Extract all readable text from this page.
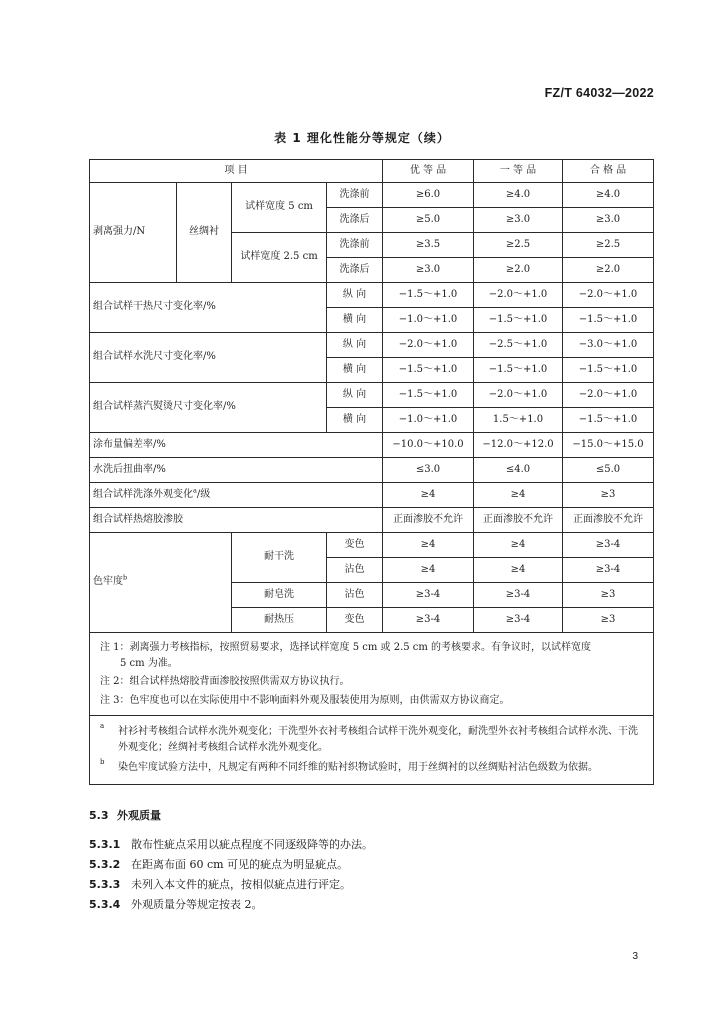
FZ/T 64032—2022
表 1 理化性能分等规定（续）
项 目				优 等 品	一 等 品	合 格 品
剥离强力/N	丝绸衬	试样宽度 5 cm	洗涤前	≥6.0	≥4.0	≥4.0
			洗涤后	≥5.0	≥3.0	≥3.0
		试样宽度 2.5 cm	洗涤前	≥3.5	≥2.5	≥2.5
			洗涤后	≥3.0	≥2.0	≥2.0
组合试样干热尺寸变化率/%			纵 向	−1.5～+1.0	−2.0～+1.0	−2.0～+1.0
			横 向	−1.0～+1.0	−1.5～+1.0	−1.5～+1.0
组合试样水洗尺寸变化率/%			纵 向	−2.0～+1.0	−2.5～+1.0	−3.0～+1.0
			横 向	−1.5～+1.0	−1.5～+1.0	−1.5～+1.0
组合试样蒸汽熨烫尺寸变化率/%			纵 向	−1.5～+1.0	−2.0～+1.0	−2.0～+1.0
			横 向	−1.0～+1.0	1.5～+1.0	−1.5～+1.0
涂布量偏差率/%				−10.0～+10.0	−12.0～+12.0	−15.0～+15.0
水洗后扭曲率/%				≤3.0	≤4.0	≤5.0
组合试样洗涤外观变化$^a$/级				≥4	≥4	≥3
组合试样热熔胶渗胶				正面渗胶不允许	正面渗胶不允许	正面渗胶不允许
色牢度$^b$		耐干洗	变色	≥4	≥4	≥3-4
			沾色	≥4	≥4	≥3-4
		耐皂洗	沾色	≥3-4	≥3-4	≥3
		耐热压	变色	≥3-4	≥3-4	≥3

注 1：剥离强力考核指标，按照贸易要求，选择试样宽度 5 cm 或 2.5 cm 的考核要求。有争议时，以试样宽度
5 cm 为准。
注 2：组合试样热熔胶背面渗胶按照供需双方协议执行。
注 3：色牢度也可以在实际使用中不影响面料外观及服装使用为原则，由供需双方协议商定。						

a 衬衫衬考核组合试样水洗外观变化；干洗型外衣衬考核组合试样干洗外观变化，耐洗型外衣衬考核组合试样水洗、干洗外观变化；丝绸衬考核组合试样水洗外观变化。
b 染色牢度试验方法中，凡规定有两种不同纤维的贴衬织物试验时，用于丝绸衬的以丝绸贴衬沾色级数为依据。						
5.3 外观质量
5.3.1 散布性疵点采用以疵点程度不同逐级降等的办法。
5.3.2 在距离布面 60 cm 可见的疵点为明显疵点。
5.3.3 未列入本文件的疵点，按相似疵点进行评定。
5.3.4 外观质量分等规定按表 2。
3
